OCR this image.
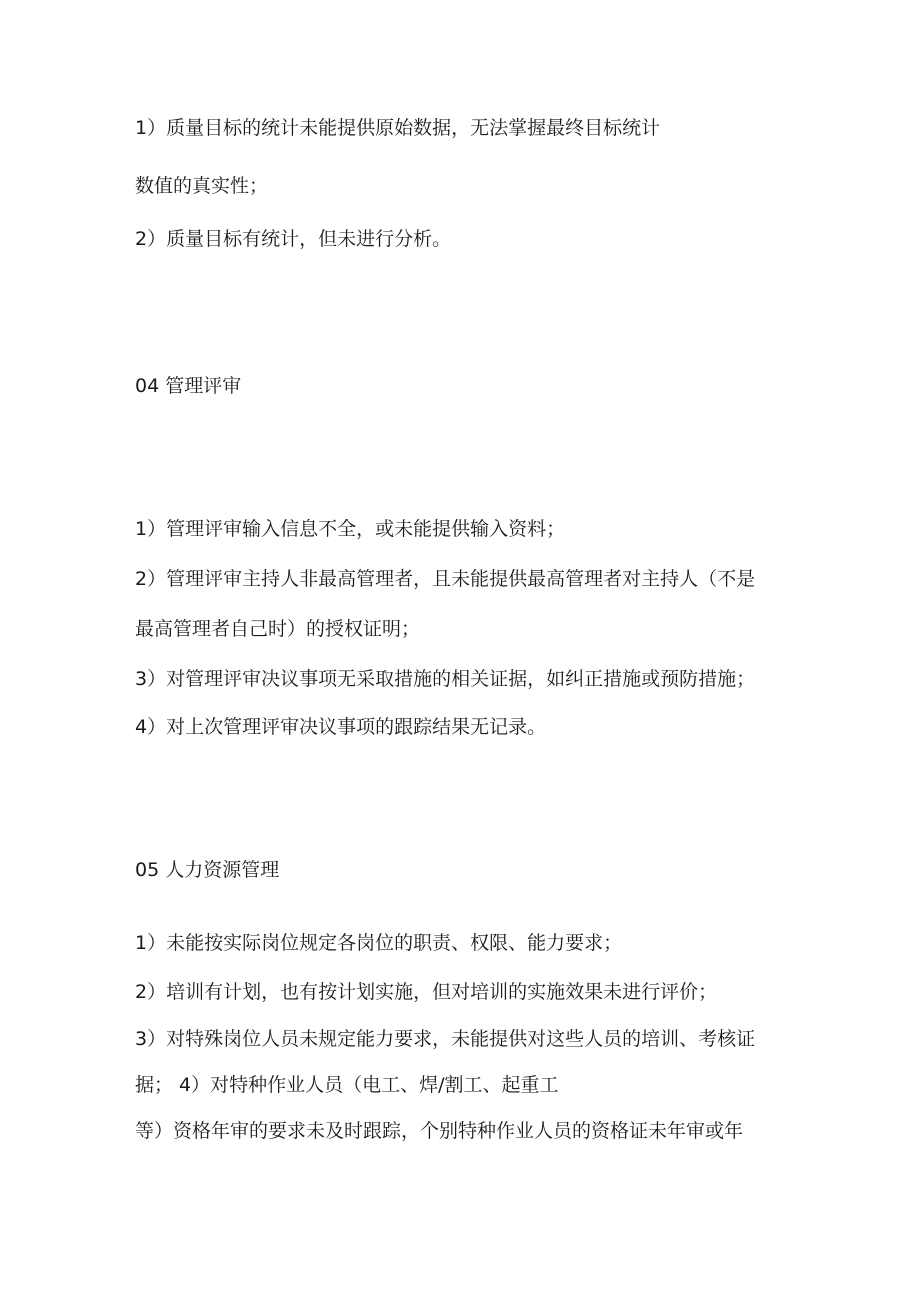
1）质量目标的统计未能提供原始数据，无法掌握最终目标统计

数值的真实性；

2）质量目标有统计，但未进行分析。

04 管理评审

1）管理评审输入信息不全，或未能提供输入资料；

2）管理评审主持人非最高管理者，且未能提供最高管理者对主持人（不是

最高管理者自己时）的授权证明；

3）对管理评审决议事项无采取措施的相关证据，如纠正措施或预防措施；

4）对上次管理评审决议事项的跟踪结果无记录。

05 人力资源管理

1）未能按实际岗位规定各岗位的职责、权限、能力要求；

2）培训有计划，也有按计划实施，但对培训的实施效果未进行评价；

3）对特殊岗位人员未规定能力要求，未能提供对这些人员的培训、考核证

据； 4）对特种作业人员（电工、焊/割工、起重工

等）资格年审的要求未及时跟踪，个别特种作业人员的资格证未年审或年
